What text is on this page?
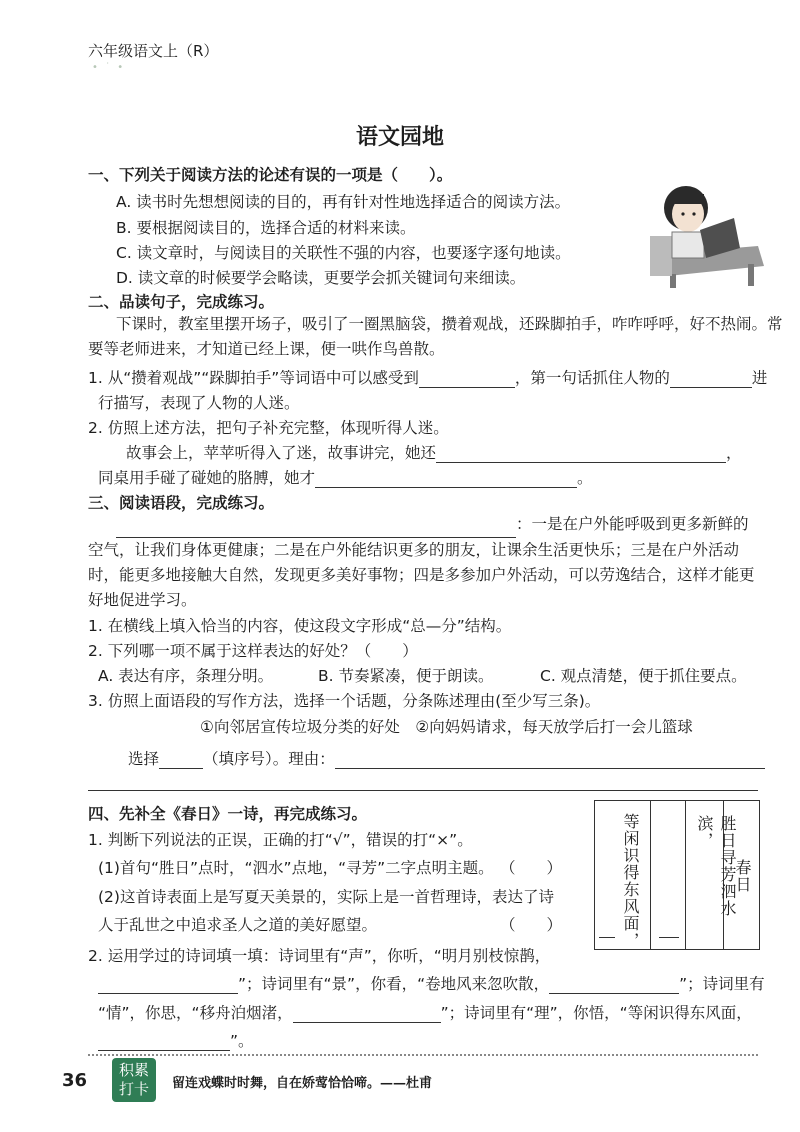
六年级语文上（R）
• ˙ •
语文园地
一、下列关于阅读方法的论述有误的一项是（　　）。
A. 读书时先想想阅读的目的，再有针对性地选择适合的阅读方法。
B. 要根据阅读目的，选择合适的材料来读。
C. 读文章时，与阅读目的关联性不强的内容，也要逐字逐句地读。
D. 读文章的时候要学会略读，更要学会抓关键词句来细读。
二、品读句子，完成练习。
下课时，教室里摆开场子，吸引了一圈黑脑袋，攒着观战，还跺脚拍手，咋咋呼呼，好不热闹。常
要等老师进来，才知道已经上课，便一哄作鸟兽散。
1. 从“攒着观战”“跺脚拍手”等词语中可以感受到	，第一句话抓住人物的	进
行描写，表现了人物的人迷。
2. 仿照上述方法，把句子补充完整，体现听得人迷。
故事会上，苹苹听得入了迷，故事讲完，她还	，
同桌用手碰了碰她的胳膊，她才	。
三、阅读语段，完成练习。
：一是在户外能呼吸到更多新鲜的
空气，让我们身体更健康；二是在户外能结识更多的朋友，让课余生活更快乐；三是在户外活动
时，能更多地接触大自然，发现更多美好事物；四是多参加户外活动，可以劳逸结合，这样才能更
好地促进学习。
1. 在横线上填入恰当的内容，使这段文字形成“总—分”结构。
2. 下列哪一项不属于这样表达的好处？（　　）
A. 表达有序，条理分明。	B. 节奏紧凑，便于朗读。	C. 观点清楚，便于抓住要点。
3. 仿照上面语段的写作方法，选择一个话题，分条陈述理由(至少写三条)。
①向邻居宣传垃圾分类的好处　②向妈妈请求，每天放学后打一会儿篮球
选择	（填序号）。理由：
四、先补全《春日》一诗，再完成练习。
1. 判断下列说法的正误，正确的打“√”，错误的打“×”。
(1)首句“胜日”点时，“泗水”点地，“寻芳”二字点明主题。 （　　）
(2)这首诗表面上是写夏天美景的，实际上是一首哲理诗，表达了诗
人于乱世之中追求圣人之道的美好愿望。	（　　）
春日
胜日寻芳泗水滨，
等闲识得东风面，
2. 运用学过的诗词填一填：诗词里有“声”，你听，“明月别枝惊鹊，
”；诗词里有“景”，你看，“卷地风来忽吹散，	”；诗词里有
“情”，你思，“移舟泊烟渚，	”；诗词里有“理”，你悟，“等闲识得东风面，
”。
36	积累
打卡	留连戏蝶时时舞，自在娇莺恰恰啼。——杜甫
